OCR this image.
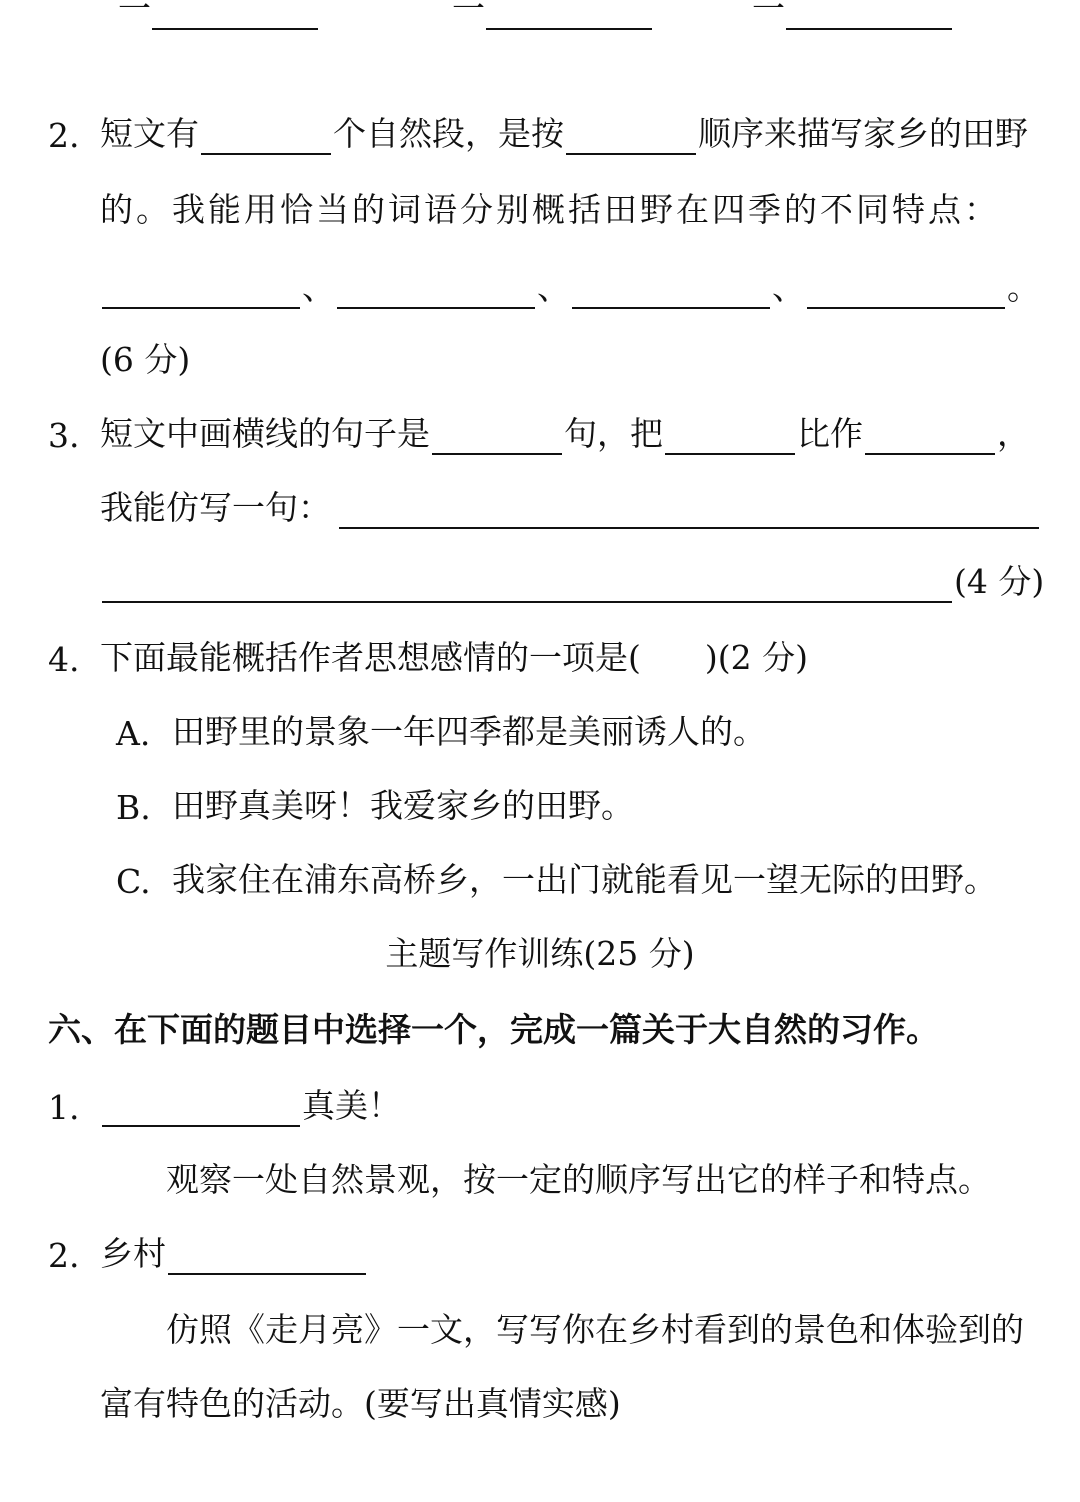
一	一	一
2. 短文有	个自然段，是按	顺序来描写家乡的田野
的。我能用恰当的词语分别概括田野在四季的不同特点：
、	、	、	。
(6 分)
3. 短文中画横线的句子是	句，把	比作	，
我能仿写一句：
(4 分)
4. 下面最能概括作者思想感情的一项是( )(2 分)
A. 田野里的景象一年四季都是美丽诱人的。
B. 田野真美呀！我爱家乡的田野。
C. 我家住在浦东高桥乡，一出门就能看见一望无际的田野。
主题写作训练(25 分)
六、在下面的题目中选择一个，完成一篇关于大自然的习作。
1.	真美！
观察一处自然景观，按一定的顺序写出它的样子和特点。
2. 乡村
仿照《走月亮》一文，写写你在乡村看到的景色和体验到的
富有特色的活动。(要写出真情实感)
